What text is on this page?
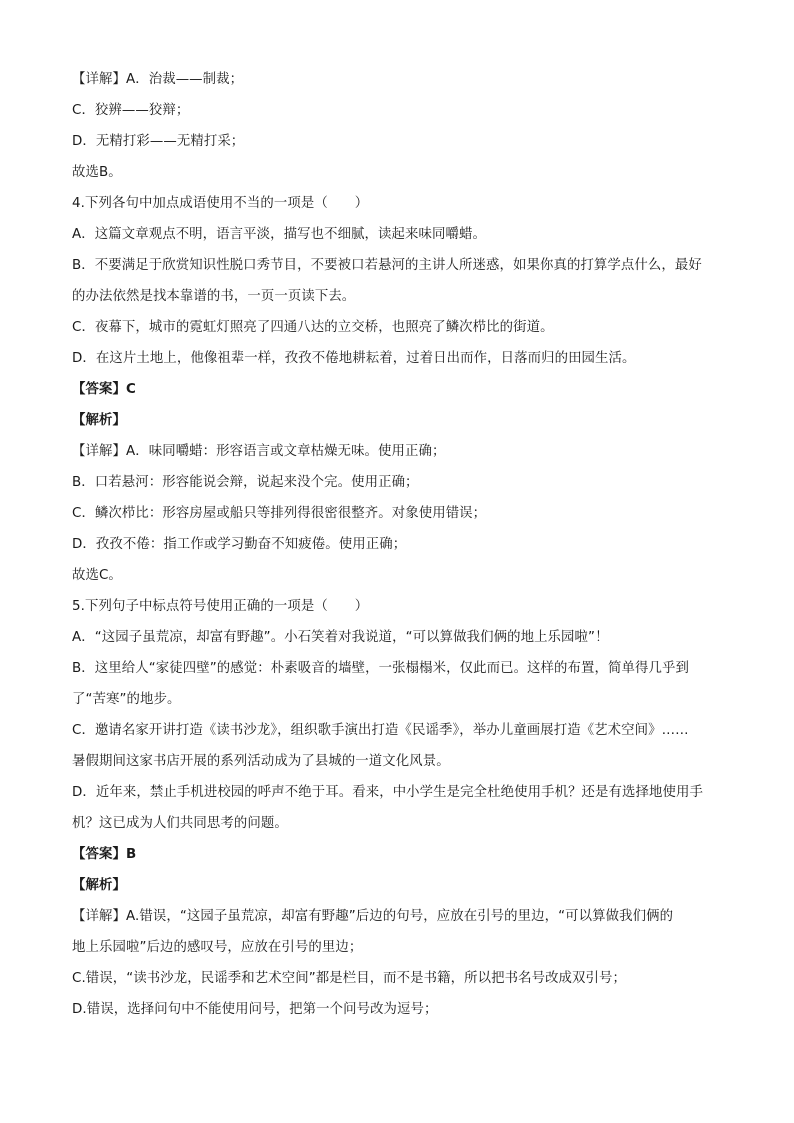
【详解】A．治裁——制裁；
C．狡辨——狡辩；
D．无精打彩——无精打采；
故选B。
4.下列各句中加点成语使用不当的一项是（　　）
A．这篇文章观点不明，语言平淡，描写也不细腻，读起来味同嚼蜡。
B．不要满足于欣赏知识性脱口秀节目，不要被口若悬河的主讲人所迷惑，如果你真的打算学点什么，最好
的办法依然是找本靠谱的书，一页一页读下去。
C．夜幕下，城市的霓虹灯照亮了四通八达的立交桥，也照亮了鳞次栉比的街道。
D．在这片土地上，他像祖辈一样，孜孜不倦地耕耘着，过着日出而作，日落而归的田园生活。
【答案】C
【解析】
【详解】A．味同嚼蜡：形容语言或文章枯燥无味。使用正确；
B．口若悬河：形容能说会辩，说起来没个完。使用正确；
C．鳞次栉比：形容房屋或船只等排列得很密很整齐。对象使用错误；
D．孜孜不倦：指工作或学习勤奋不知疲倦。使用正确；
故选C。
5.下列句子中标点符号使用正确的一项是（　　）
A．“这园子虽荒凉，却富有野趣”。小石笑着对我说道，“可以算做我们俩的地上乐园啦”！
B．这里给人“家徒四壁”的感觉：朴素吸音的墙壁，一张榻榻米，仅此而已。这样的布置，简单得几乎到
了“苦寒”的地步。
C．邀请名家开讲打造《读书沙龙》，组织歌手演出打造《民谣季》，举办儿童画展打造《艺术空间》……
暑假期间这家书店开展的系列活动成为了县城的一道文化风景。
D．近年来，禁止手机进校园的呼声不绝于耳。看来，中小学生是完全杜绝使用手机？还是有选择地使用手
机？这已成为人们共同思考的问题。
【答案】B
【解析】
【详解】A.错误，“这园子虽荒凉，却富有野趣”后边的句号，应放在引号的里边，“可以算做我们俩的
地上乐园啦”后边的感叹号，应放在引号的里边；
C.错误，“读书沙龙，民谣季和艺术空间”都是栏目，而不是书籍，所以把书名号改成双引号；
D.错误，选择问句中不能使用问号，把第一个问号改为逗号；
